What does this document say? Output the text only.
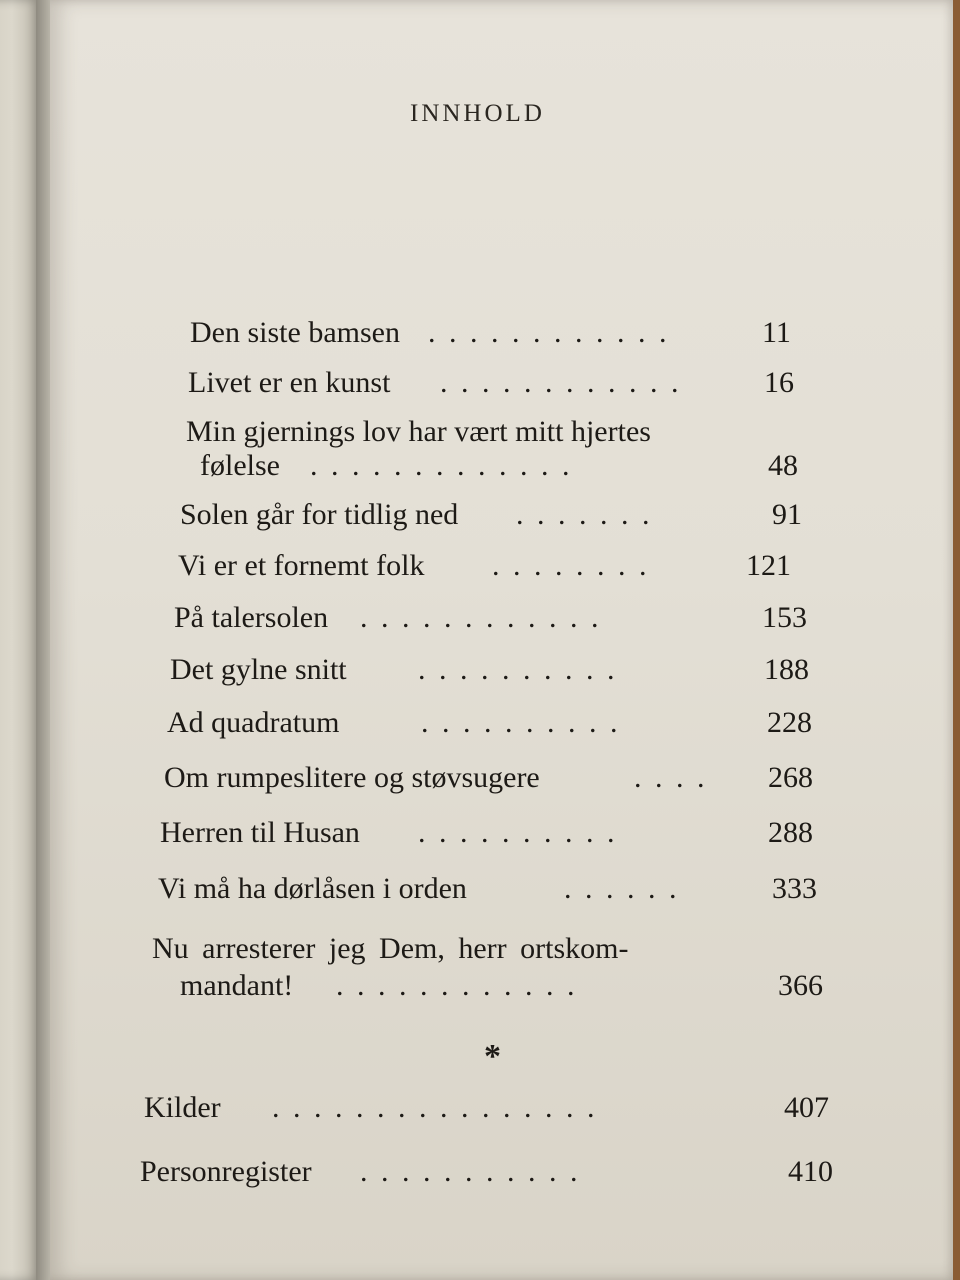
INNHOLD
Den siste bamsen . . . . . . . . . . . .	11
Livet er en kunst . . . . . . . . . . . .	16
Min gjernings lov har vært mitt hjertes
følelse . . . . . . . . . . . . .	48
Solen går for tidlig ned . . . . . . .	91
Vi er et fornemt folk . . . . . . . .	121
På talersolen . . . . . . . . . . . .	153
Det gylne snitt . . . . . . . . . .	188
Ad quadratum	. . . . . . . . . .	228
Om rumpeslitere og støvsugere	. . . .	268
Herren til Husan . . . . . . . . . .	288
Vi må ha dørlåsen i orden	. . . . . .	333
Nu arresterer jeg Dem, herr ortskom-
mandant! . . . . . . . . . . . .	366
*
Kilder . . . . . . . . . . . . . . . .	407
Personregister . . . . . . . . . . .	410
